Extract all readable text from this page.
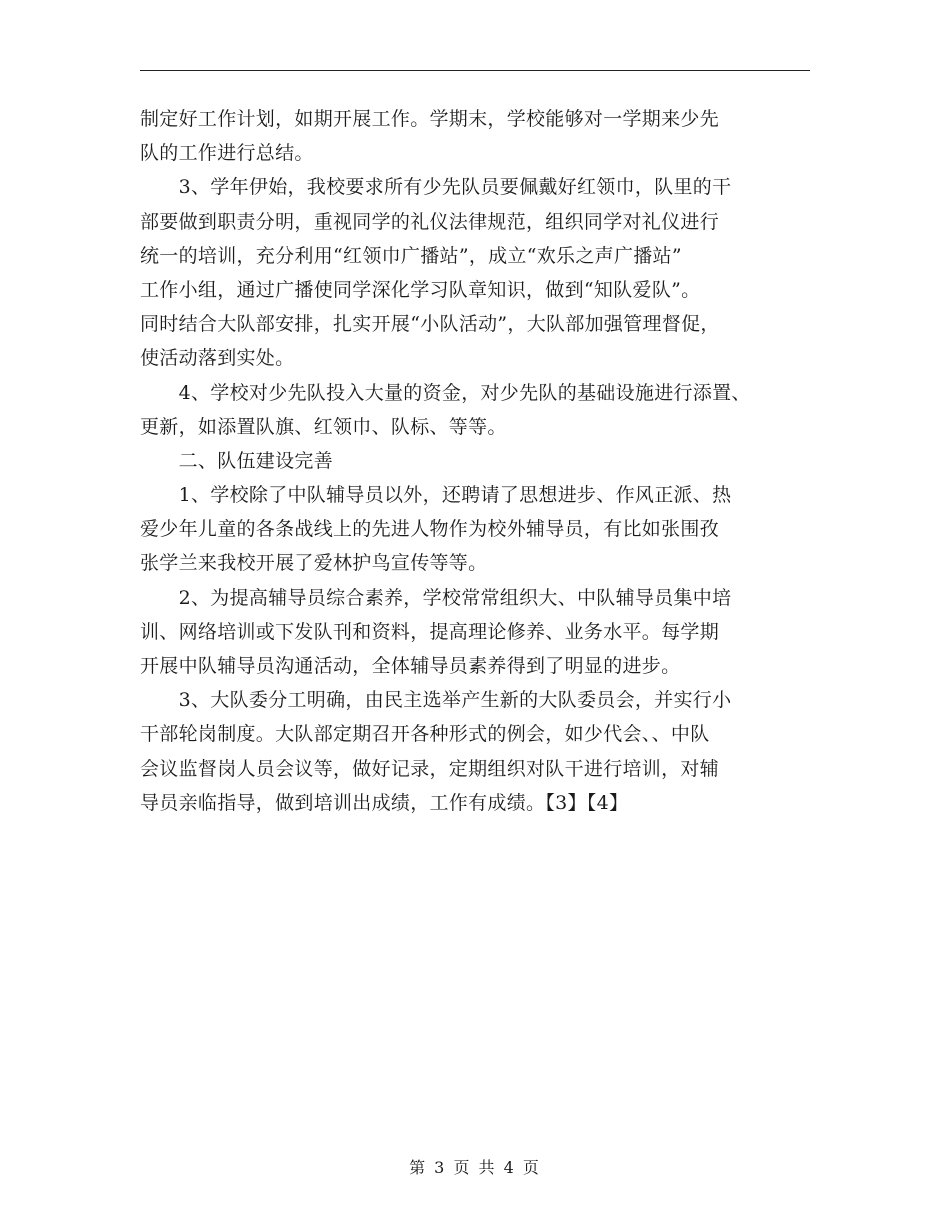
制定好工作计划，如期开展工作。学期末，学校能够对一学期来少先
队的工作进行总结。
　　3、学年伊始，我校要求所有少先队员要佩戴好红领巾，队里的干
部要做到职责分明，重视同学的礼仪法律规范，组织同学对礼仪进行
统一的培训，充分利用“红领巾广播站”，成立“欢乐之声广播站”
工作小组，通过广播使同学深化学习队章知识，做到“知队爱队”。
同时结合大队部安排，扎实开展“小队活动”，大队部加强管理督促，
使活动落到实处。
　　4、学校对少先队投入大量的资金，对少先队的基础设施进行添置、
更新，如添置队旗、红领巾、队标、等等。
　　二、队伍建设完善
　　1、学校除了中队辅导员以外，还聘请了思想进步、作风正派、热
爱少年儿童的各条战线上的先进人物作为校外辅导员，有比如张围孜
张学兰来我校开展了爱林护鸟宣传等等。
　　2、为提高辅导员综合素养，学校常常组织大、中队辅导员集中培
训、网络培训或下发队刊和资料，提高理论修养、业务水平。每学期
开展中队辅导员沟通活动，全体辅导员素养得到了明显的进步。
　　3、大队委分工明确，由民主选举产生新的大队委员会，并实行小
干部轮岗制度。大队部定期召开各种形式的例会，如少代会、、中队
会议监督岗人员会议等，做好记录，定期组织对队干进行培训，对辅
导员亲临指导，做到培训出成绩，工作有成绩。【3】【4】
第 3 页 共 4 页
